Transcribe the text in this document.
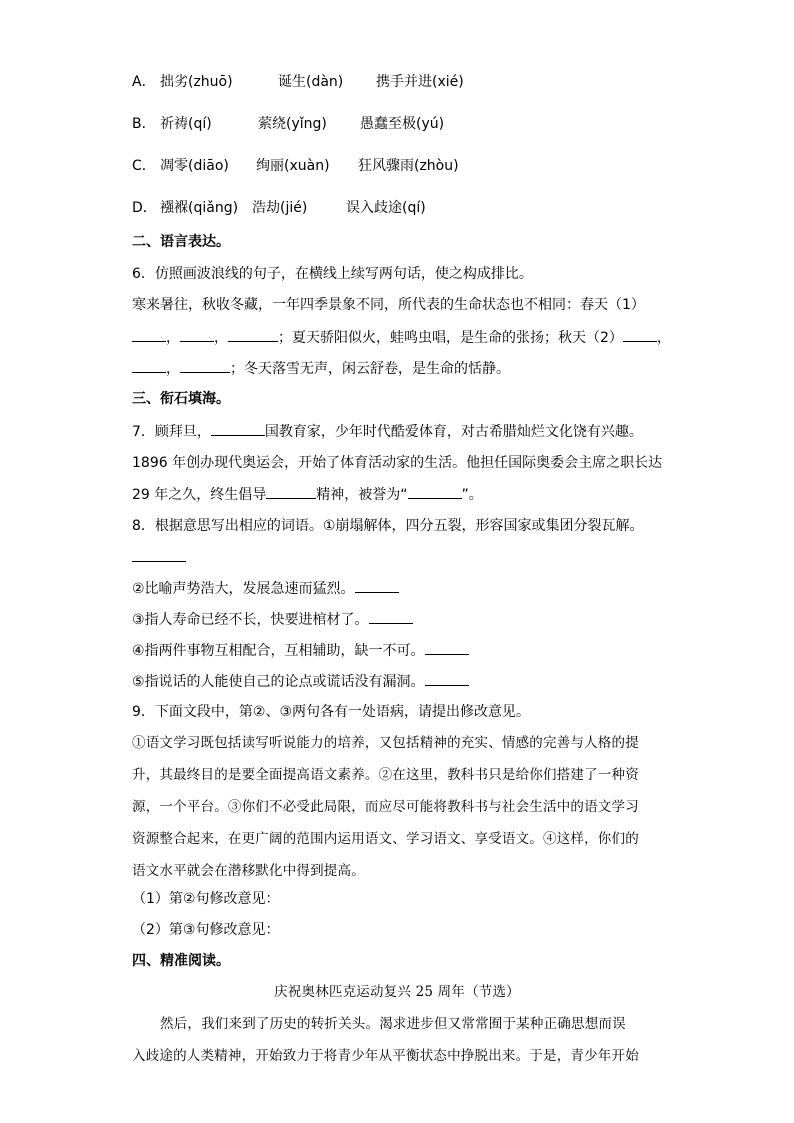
A． 拙劣(zhuō)	诞生(dàn) 携手并进(xié)
B． 祈祷(qí)	萦绕(yǐng) 愚蠢至极(yú)
C． 凋零(diāo) 绚丽(xuàn) 狂风骤雨(zhòu)
D． 襁褓(qiǎng) 浩劫(jié)	误入歧途(qí)
二、语言表达。
6．仿照画波浪线的句子，在横线上续写两句话，使之构成排比。
寒来暑往，秋收冬藏，一年四季景象不同，所代表的生命状态也不相同：春天（1）
， ，	；夏天骄阳似火，蛙鸣虫唱，是生命的张扬；秋天（2） ，
，	；冬天落雪无声，闲云舒卷，是生命的恬静。
三、衔石填海。
7．顾拜旦，	国教育家，少年时代酷爱体育，对古希腊灿烂文化饶有兴趣。
1896 年创办现代奥运会，开始了体育活动家的生活。他担任国际奥委会主席之职长达
29 年之久，终生倡导	精神，被誉为“	”。
8．根据意思写出相应的词语。①崩塌解体，四分五裂，形容国家或集团分裂瓦解。
②比喻声势浩大，发展急速而猛烈。
③指人寿命已经不长，快要进棺材了。
④指两件事物互相配合，互相辅助，缺一不可。
⑤指说话的人能使自己的论点或谎话没有漏洞。
9．下面文段中，第②、③两句各有一处语病，请提出修改意见。
①语文学习既包括读写听说能力的培养，又包括精神的充实、情感的完善与人格的提
升，其最终目的是要全面提高语文素养。②在这里，教科书只是给你们搭建了一种资
源，一个平台。③你们不必受此局限，而应尽可能将教科书与社会生活中的语文学习
资源整合起来，在更广阔的范围内运用语文、学习语文、享受语文。④这样，你们的
语文水平就会在潜移默化中得到提高。
（1）第②句修改意见：
（2）第③句修改意见：
四、精准阅读。
庆祝奥林匹克运动复兴 25 周年（节选）
然后，我们来到了历史的转折关头。渴求进步但又常常囿于某种正确思想而误
入歧途的人类精神，开始致力于将青少年从平衡状态中挣脱出来。于是，青少年开始
